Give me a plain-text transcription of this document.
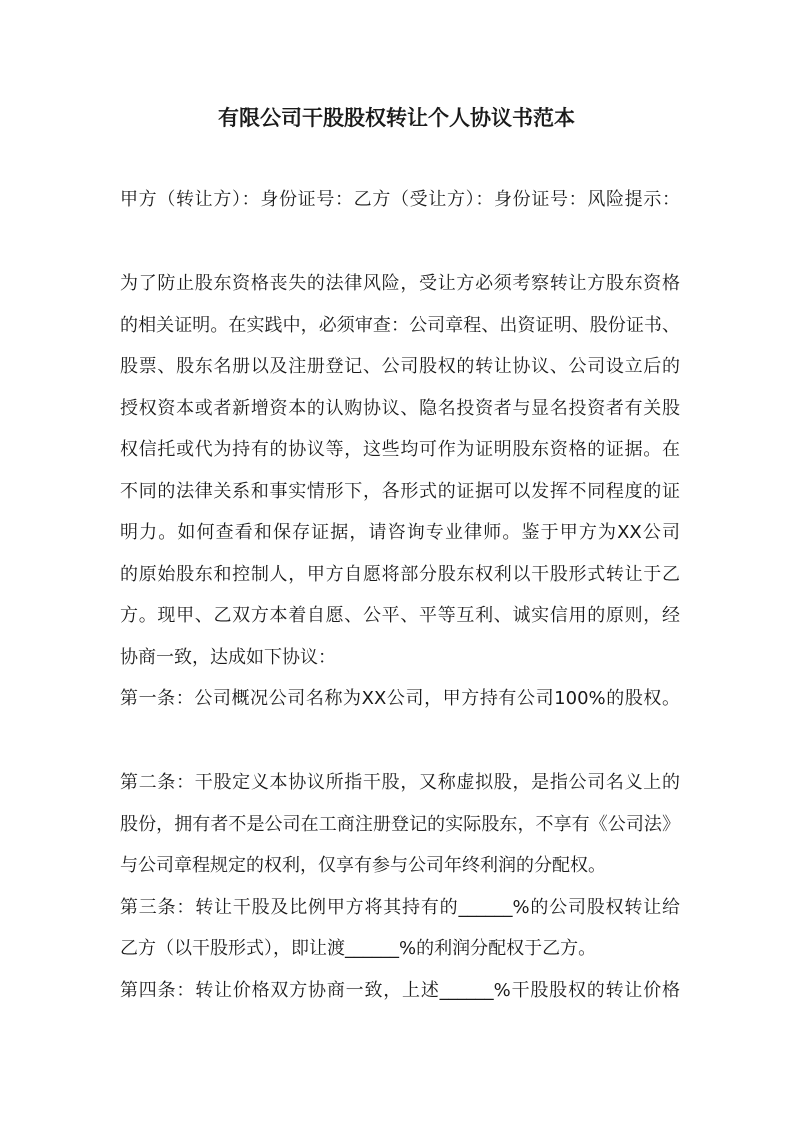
有限公司干股股权转让个人协议书范本
甲方（转让方）：身份证号：乙方（受让方）：身份证号：风险提示：
为了防止股东资格丧失的法律风险，受让方必须考察转让方股东资格
的相关证明。在实践中，必须审查：公司章程、出资证明、股份证书、
股票、股东名册以及注册登记、公司股权的转让协议、公司设立后的
授权资本或者新增资本的认购协议、隐名投资者与显名投资者有关股
权信托或代为持有的协议等，这些均可作为证明股东资格的证据。在
不同的法律关系和事实情形下，各形式的证据可以发挥不同程度的证
明力。如何查看和保存证据，请咨询专业律师。鉴于甲方为XX公司
的原始股东和控制人，甲方自愿将部分股东权利以干股形式转让于乙
方。现甲、乙双方本着自愿、公平、平等互利、诚实信用的原则，经
协商一致，达成如下协议：
第一条：公司概况公司名称为XX公司，甲方持有公司100%的股权。
第二条：干股定义本协议所指干股，又称虚拟股，是指公司名义上的
股份，拥有者不是公司在工商注册登记的实际股东，不享有《公司法》
与公司章程规定的权利，仅享有参与公司年终利润的分配权。
第三条：转让干股及比例甲方将其持有的______%的公司股权转让给
乙方（以干股形式），即让渡______%的利润分配权于乙方。
第四条：转让价格双方协商一致，上述______%干股股权的转让价格
